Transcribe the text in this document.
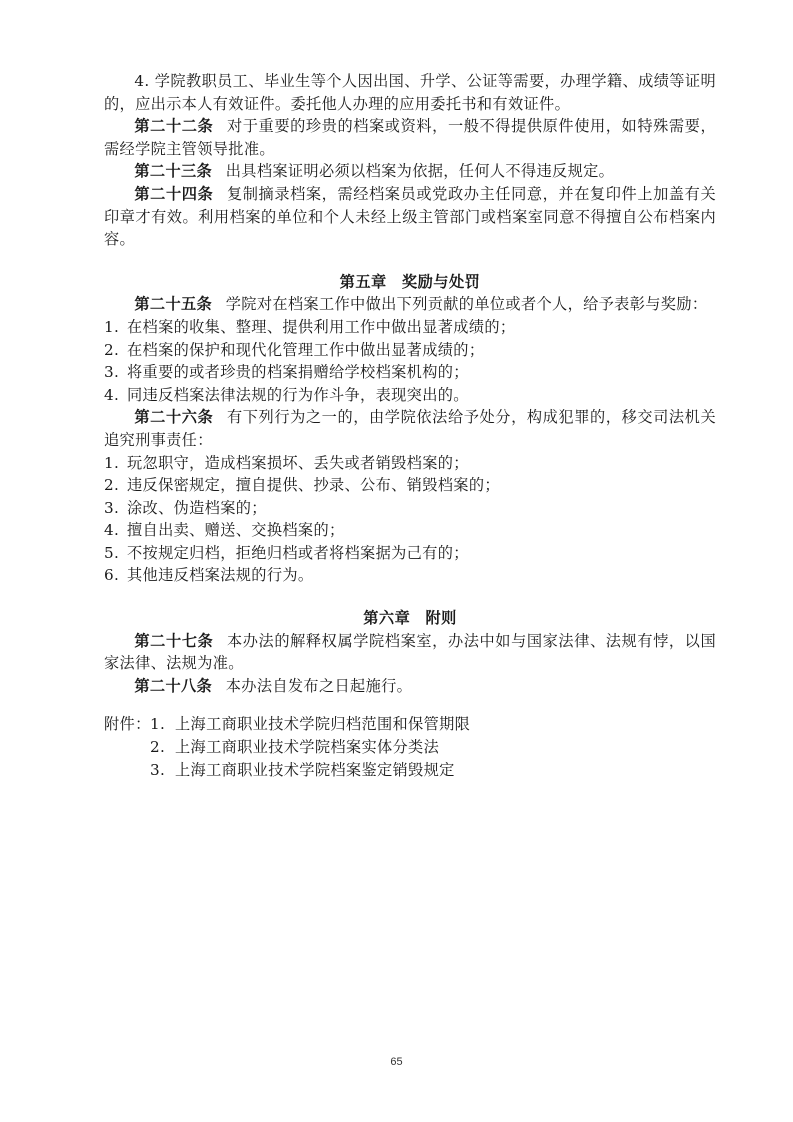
4. 学院教职员工、毕业生等个人因出国、升学、公证等需要，办理学籍、成绩等证明的，应出示本人有效证件。委托他人办理的应用委托书和有效证件。

第二十二条 对于重要的珍贵的档案或资料，一般不得提供原件使用，如特殊需要，需经学院主管领导批准。

第二十三条 出具档案证明必须以档案为依据，任何人不得违反规定。

第二十四条 复制摘录档案，需经档案员或党政办主任同意，并在复印件上加盖有关印章才有效。利用档案的单位和个人未经上级主管部门或档案室同意不得擅自公布档案内容。

第五章 奖励与处罚

第二十五条 学院对在档案工作中做出下列贡献的单位或者个人，给予表彰与奖励：

1. 在档案的收集、整理、提供利用工作中做出显著成绩的；

2. 在档案的保护和现代化管理工作中做出显著成绩的；

3. 将重要的或者珍贵的档案捐赠给学校档案机构的；

4. 同违反档案法律法规的行为作斗争，表现突出的。

第二十六条 有下列行为之一的，由学院依法给予处分，构成犯罪的，移交司法机关追究刑事责任：

1. 玩忽职守，造成档案损坏、丢失或者销毁档案的；

2. 违反保密规定，擅自提供、抄录、公布、销毁档案的；

3. 涂改、伪造档案的；

4. 擅自出卖、赠送、交换档案的；

5. 不按规定归档，拒绝归档或者将档案据为己有的；

6. 其他违反档案法规的行为。

第六章 附则

第二十七条 本办法的解释权属学院档案室，办法中如与国家法律、法规有悖，以国家法律、法规为准。

第二十八条 本办法自发布之日起施行。

附件：1. 上海工商职业技术学院归档范围和保管期限

2. 上海工商职业技术学院档案实体分类法

3. 上海工商职业技术学院档案鉴定销毁规定

65
